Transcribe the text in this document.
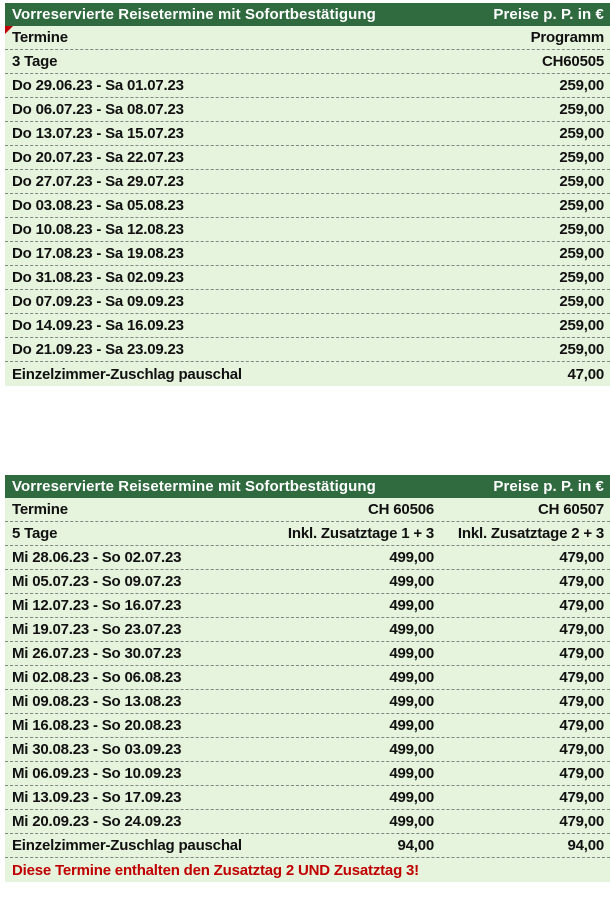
Vorreservierte Reisetermine mit Sofortbestätigung	Preise p. P. in €
Termine	Programm
3 Tage	CH60505
Do 29.06.23 - Sa 01.07.23	259,00
Do 06.07.23 - Sa 08.07.23	259,00
Do 13.07.23 - Sa 15.07.23	259,00
Do 20.07.23 - Sa 22.07.23	259,00
Do 27.07.23 - Sa 29.07.23	259,00
Do 03.08.23 - Sa 05.08.23	259,00
Do 10.08.23 - Sa 12.08.23	259,00
Do 17.08.23 - Sa 19.08.23	259,00
Do 31.08.23 - Sa 02.09.23	259,00
Do 07.09.23 - Sa 09.09.23	259,00
Do 14.09.23 - Sa 16.09.23	259,00
Do 21.09.23 - Sa 23.09.23	259,00
Einzelzimmer-Zuschlag pauschal	47,00
Vorreservierte Reisetermine mit Sofortbestätigung	Preise p. P. in €
Termine	CH 60506	CH 60507
5 Tage	Inkl. Zusatztage 1 + 3	Inkl. Zusatztage 2 + 3
Mi 28.06.23 - So 02.07.23	499,00	479,00
Mi 05.07.23 - So 09.07.23	499,00	479,00
Mi 12.07.23 - So 16.07.23	499,00	479,00
Mi 19.07.23 - So 23.07.23	499,00	479,00
Mi 26.07.23 - So 30.07.23	499,00	479,00
Mi 02.08.23 - So 06.08.23	499,00	479,00
Mi 09.08.23 - So 13.08.23	499,00	479,00
Mi 16.08.23 - So 20.08.23	499,00	479,00
Mi 30.08.23 - So 03.09.23	499,00	479,00
Mi 06.09.23 - So 10.09.23	499,00	479,00
Mi 13.09.23 - So 17.09.23	499,00	479,00
Mi 20.09.23 - So 24.09.23	499,00	479,00
Einzelzimmer-Zuschlag pauschal	94,00	94,00
Diese Termine enthalten den Zusatztag 2 UND Zusatztag 3!
